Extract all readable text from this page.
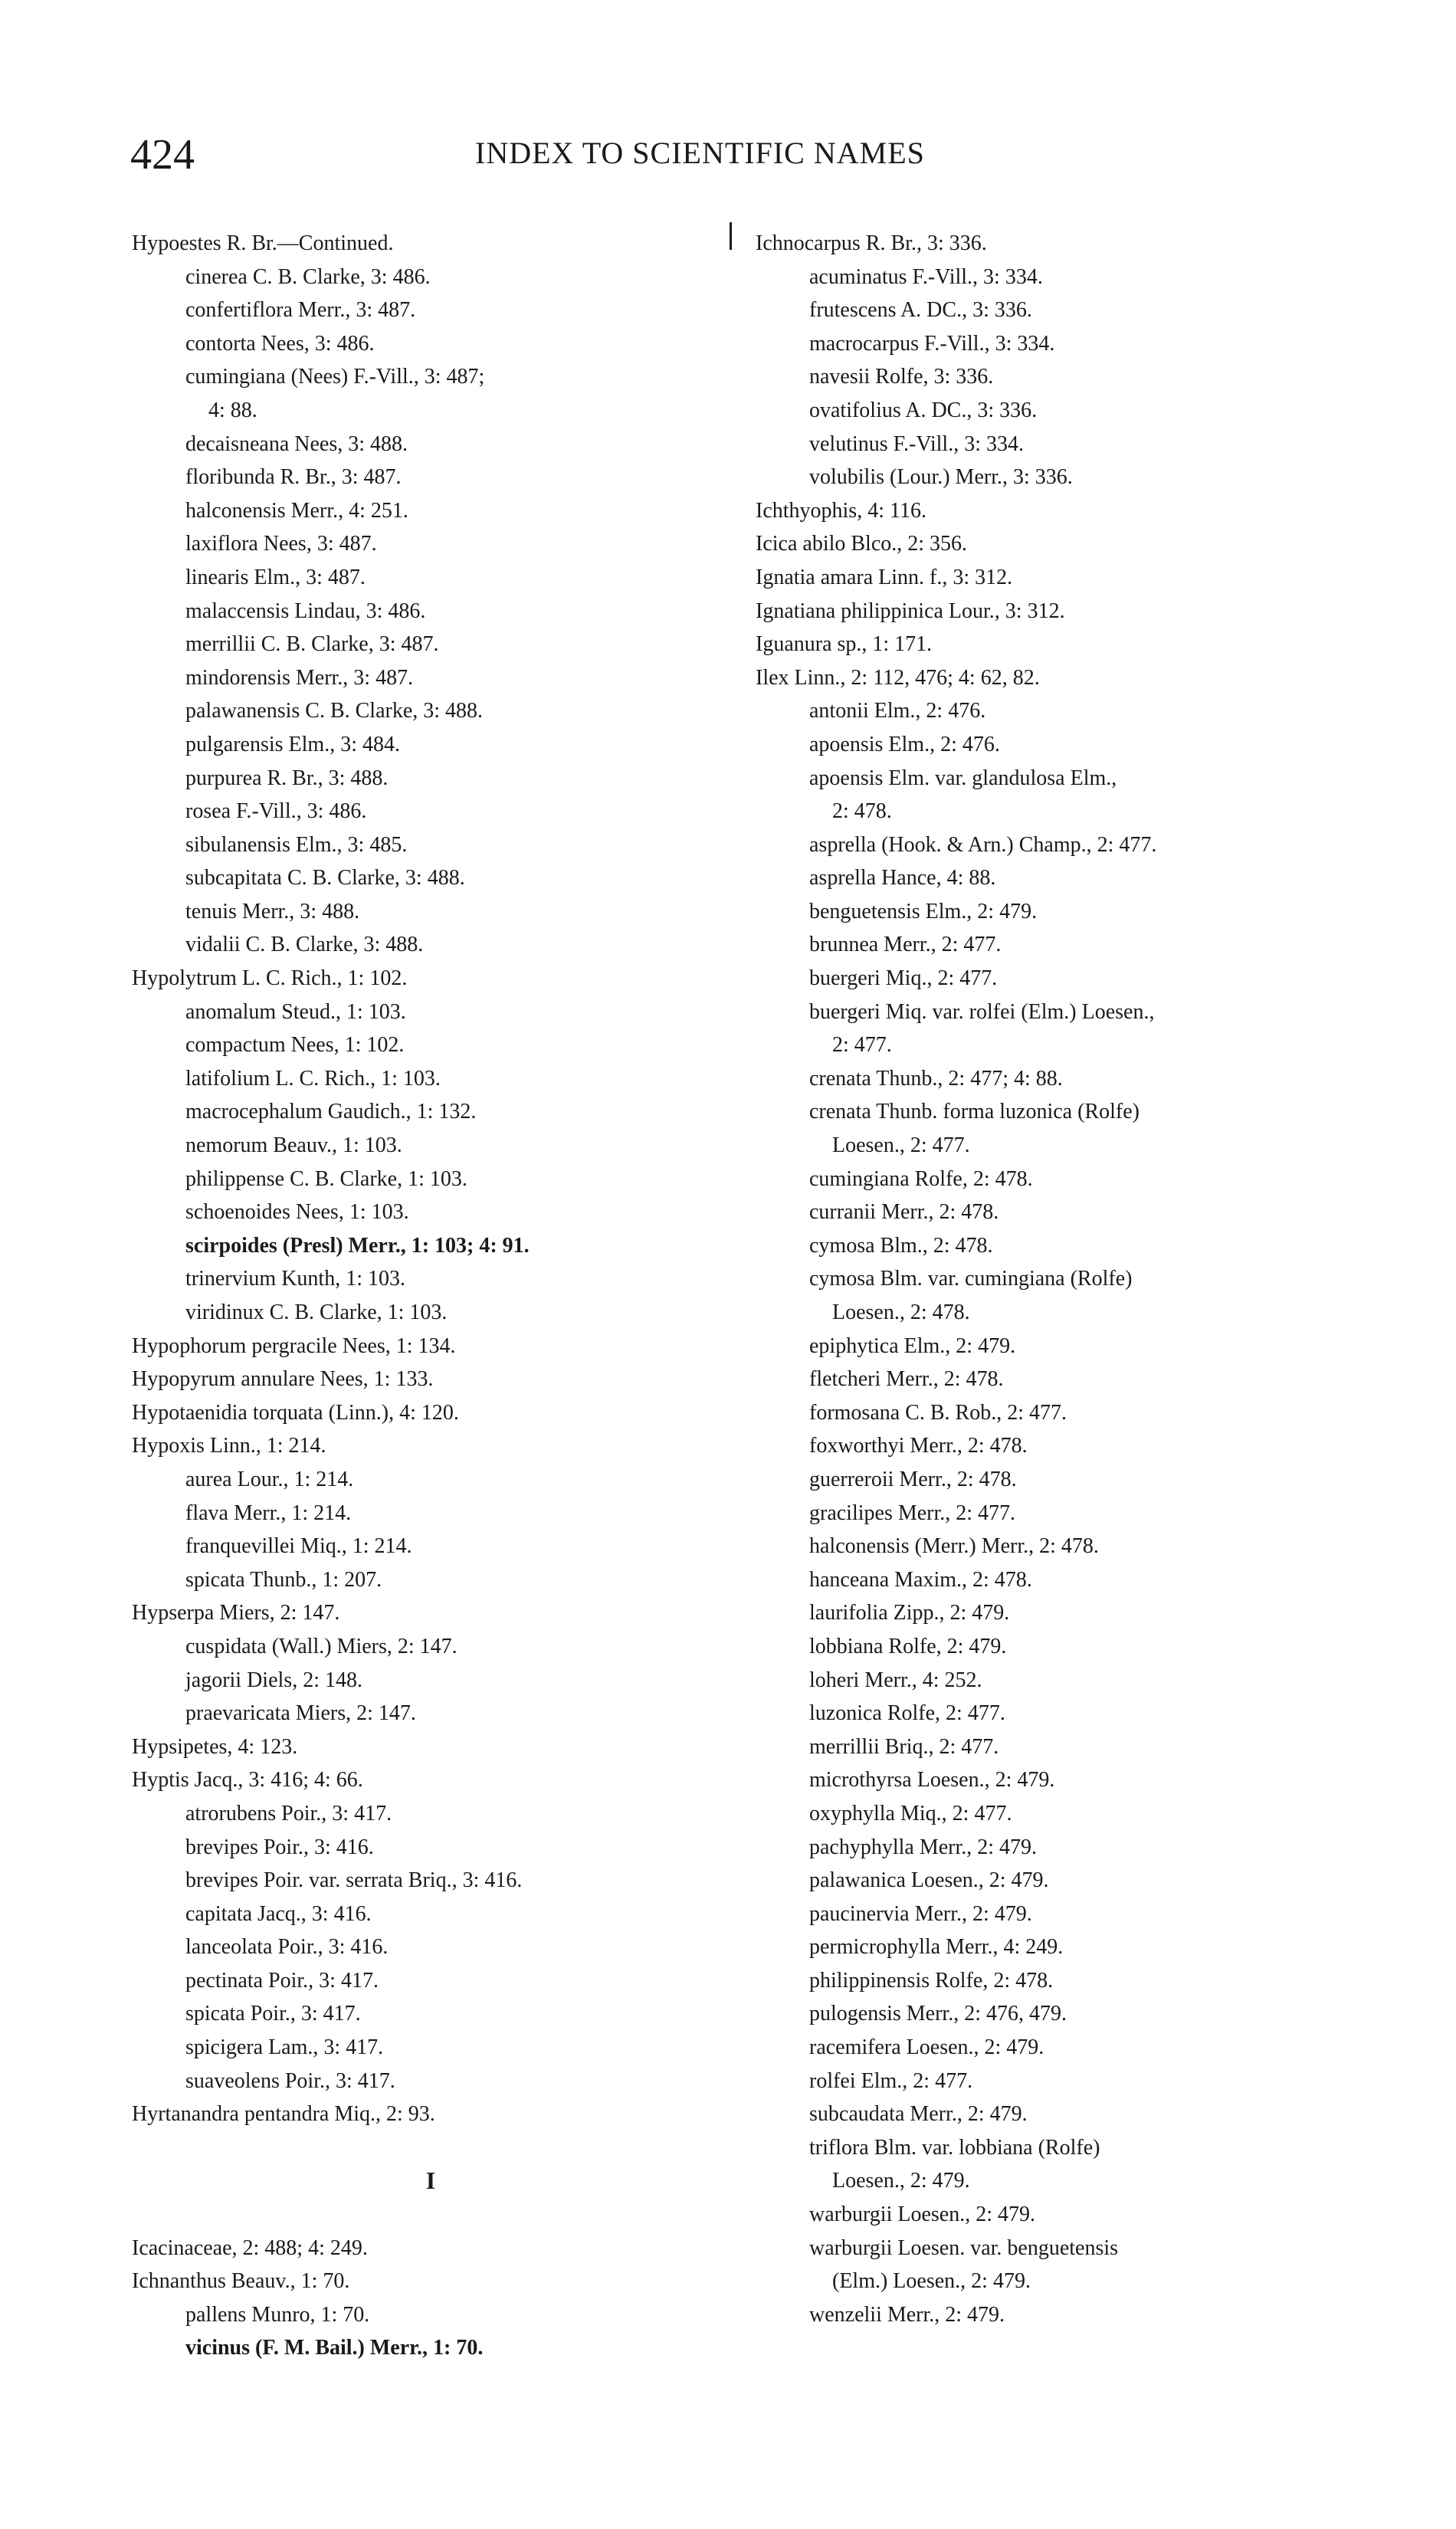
424	INDEX TO SCIENTIFIC NAMES
Hypoestes R. Br.—Continued.
cinerea C. B. Clarke, 3: 486.
confertiflora Merr., 3: 487.
contorta Nees, 3: 486.
cumingiana (Nees) F.-Vill., 3: 487;
4: 88.
decaisneana Nees, 3: 488.
floribunda R. Br., 3: 487.
halconensis Merr., 4: 251.
laxiflora Nees, 3: 487.
linearis Elm., 3: 487.
malaccensis Lindau, 3: 486.
merrillii C. B. Clarke, 3: 487.
mindorensis Merr., 3: 487.
palawanensis C. B. Clarke, 3: 488.
pulgarensis Elm., 3: 484.
purpurea R. Br., 3: 488.
rosea F.-Vill., 3: 486.
sibulanensis Elm., 3: 485.
subcapitata C. B. Clarke, 3: 488.
tenuis Merr., 3: 488.
vidalii C. B. Clarke, 3: 488.
Hypolytrum L. C. Rich., 1: 102.
anomalum Steud., 1: 103.
compactum Nees, 1: 102.
latifolium L. C. Rich., 1: 103.
macrocephalum Gaudich., 1: 132.
nemorum Beauv., 1: 103.
philippense C. B. Clarke, 1: 103.
schoenoides Nees, 1: 103.
scirpoides (Presl) Merr., 1: 103; 4: 91.
trinervium Kunth, 1: 103.
viridinux C. B. Clarke, 1: 103.
Hypophorum pergracile Nees, 1: 134.
Hypopyrum annulare Nees, 1: 133.
Hypotaenidia torquata (Linn.), 4: 120.
Hypoxis Linn., 1: 214.
aurea Lour., 1: 214.
flava Merr., 1: 214.
franquevillei Miq., 1: 214.
spicata Thunb., 1: 207.
Hypserpa Miers, 2: 147.
cuspidata (Wall.) Miers, 2: 147.
jagorii Diels, 2: 148.
praevaricata Miers, 2: 147.
Hypsipetes, 4: 123.
Hyptis Jacq., 3: 416; 4: 66.
atrorubens Poir., 3: 417.
brevipes Poir., 3: 416.
brevipes Poir. var. serrata Briq., 3: 416.
capitata Jacq., 3: 416.
lanceolata Poir., 3: 416.
pectinata Poir., 3: 417.
spicata Poir., 3: 417.
spicigera Lam., 3: 417.
suaveolens Poir., 3: 417.
Hyrtanandra pentandra Miq., 2: 93.
I
Icacinaceae, 2: 488; 4: 249.
Ichnanthus Beauv., 1: 70.
pallens Munro, 1: 70.
vicinus (F. M. Bail.) Merr., 1: 70.
Ichnocarpus R. Br., 3: 336.
acuminatus F.-Vill., 3: 334.
frutescens A. DC., 3: 336.
macrocarpus F.-Vill., 3: 334.
navesii Rolfe, 3: 336.
ovatifolius A. DC., 3: 336.
velutinus F.-Vill., 3: 334.
volubilis (Lour.) Merr., 3: 336.
Ichthyophis, 4: 116.
Icica abilo Blco., 2: 356.
Ignatia amara Linn. f., 3: 312.
Ignatiana philippinica Lour., 3: 312.
Iguanura sp., 1: 171.
Ilex Linn., 2: 112, 476; 4: 62, 82.
antonii Elm., 2: 476.
apoensis Elm., 2: 476.
apoensis Elm. var. glandulosa Elm.,
2: 478.
asprella (Hook. & Arn.) Champ., 2: 477.
asprella Hance, 4: 88.
benguetensis Elm., 2: 479.
brunnea Merr., 2: 477.
buergeri Miq., 2: 477.
buergeri Miq. var. rolfei (Elm.) Loesen.,
2: 477.
crenata Thunb., 2: 477; 4: 88.
crenata Thunb. forma luzonica (Rolfe)
Loesen., 2: 477.
cumingiana Rolfe, 2: 478.
curranii Merr., 2: 478.
cymosa Blm., 2: 478.
cymosa Blm. var. cumingiana (Rolfe)
Loesen., 2: 478.
epiphytica Elm., 2: 479.
fletcheri Merr., 2: 478.
formosana C. B. Rob., 2: 477.
foxworthyi Merr., 2: 478.
guerreroii Merr., 2: 478.
gracilipes Merr., 2: 477.
halconensis (Merr.) Merr., 2: 478.
hanceana Maxim., 2: 478.
laurifolia Zipp., 2: 479.
lobbiana Rolfe, 2: 479.
loheri Merr., 4: 252.
luzonica Rolfe, 2: 477.
merrillii Briq., 2: 477.
microthyrsa Loesen., 2: 479.
oxyphylla Miq., 2: 477.
pachyphylla Merr., 2: 479.
palawanica Loesen., 2: 479.
paucinervia Merr., 2: 479.
permicrophylla Merr., 4: 249.
philippinensis Rolfe, 2: 478.
pulogensis Merr., 2: 476, 479.
racemifera Loesen., 2: 479.
rolfei Elm., 2: 477.
subcaudata Merr., 2: 479.
triflora Blm. var. lobbiana (Rolfe)
Loesen., 2: 479.
warburgii Loesen., 2: 479.
warburgii Loesen. var. benguetensis
(Elm.) Loesen., 2: 479.
wenzelii Merr., 2: 479.
